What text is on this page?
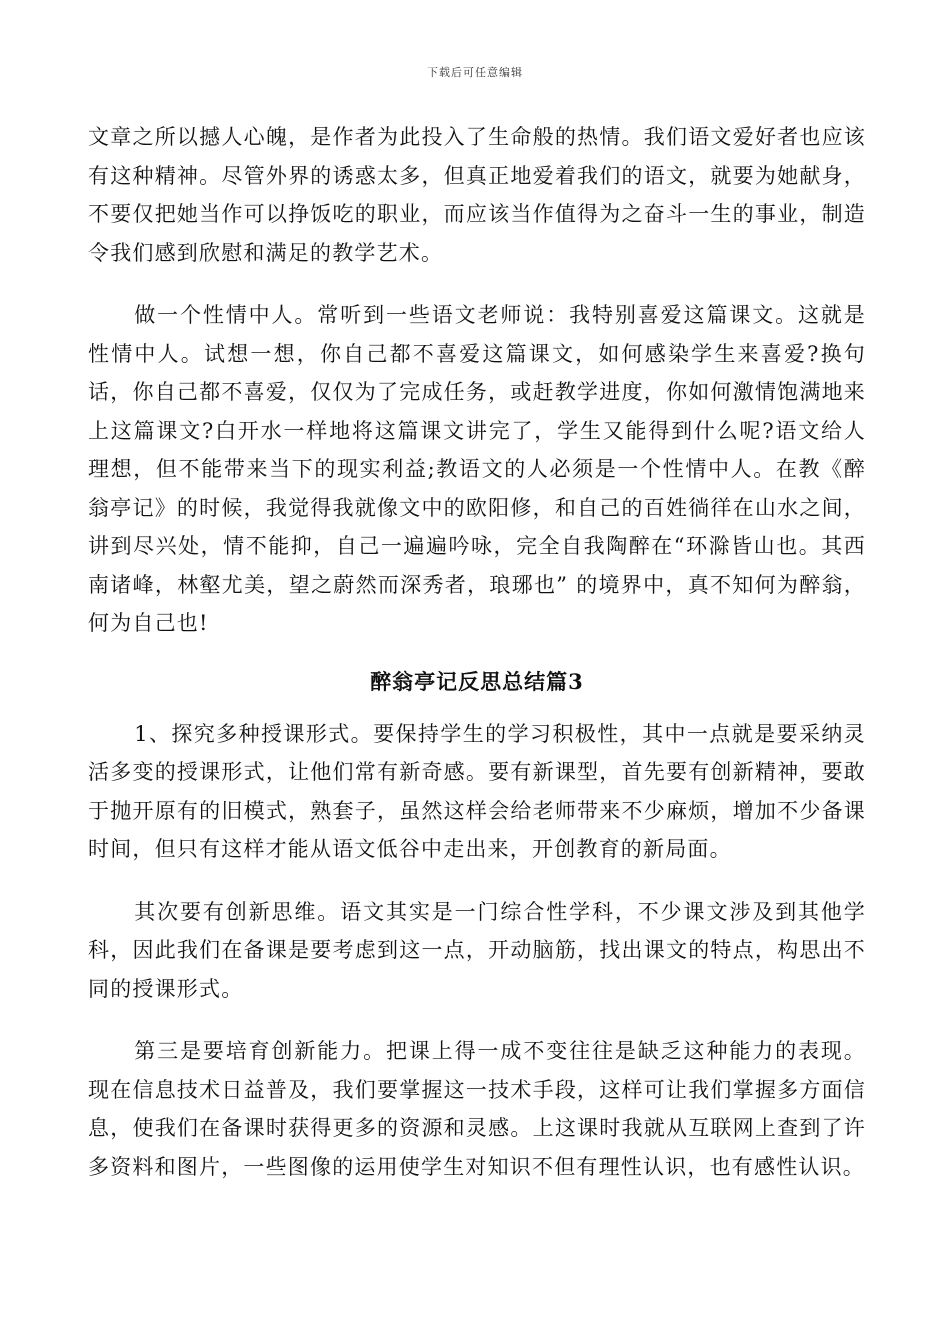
下载后可任意编辑

文章之所以撼人心魄，是作者为此投入了生命般的热情。我们语文爱好者也应该有这种精神。尽管外界的诱惑太多，但真正地爱着我们的语文，就要为她献身，不要仅把她当作可以挣饭吃的职业，而应该当作值得为之奋斗一生的事业，制造令我们感到欣慰和满足的教学艺术。

做一个性情中人。常听到一些语文老师说：我特别喜爱这篇课文。这就是性情中人。试想一想，你自己都不喜爱这篇课文，如何感染学生来喜爱?换句话，你自己都不喜爱，仅仅为了完成任务，或赶教学进度，你如何激情饱满地来上这篇课文?白开水一样地将这篇课文讲完了，学生又能得到什么呢?语文给人理想，但不能带来当下的现实利益;教语文的人必须是一个性情中人。在教《醉翁亭记》的时候，我觉得我就像文中的欧阳修，和自己的百姓徜徉在山水之间，讲到尽兴处，情不能抑，自己一遍遍吟咏，完全自我陶醉在“环滁皆山也。其西南诸峰，林壑尤美，望之蔚然而深秀者，琅琊也” 的境界中，真不知何为醉翁，何为自己也!

醉翁亭记反思总结篇3

1、探究多种授课形式。要保持学生的学习积极性，其中一点就是要采纳灵活多变的授课形式，让他们常有新奇感。要有新课型，首先要有创新精神，要敢于抛开原有的旧模式，熟套子，虽然这样会给老师带来不少麻烦，增加不少备课时间，但只有这样才能从语文低谷中走出来，开创教育的新局面。

其次要有创新思维。语文其实是一门综合性学科，不少课文涉及到其他学科，因此我们在备课是要考虑到这一点，开动脑筋，找出课文的特点，构思出不同的授课形式。

第三是要培育创新能力。把课上得一成不变往往是缺乏这种能力的表现。现在信息技术日益普及，我们要掌握这一技术手段，这样可让我们掌握多方面信息，使我们在备课时获得更多的资源和灵感。上这课时我就从互联网上查到了许多资料和图片，一些图像的运用使学生对知识不但有理性认识，也有感性认识。
